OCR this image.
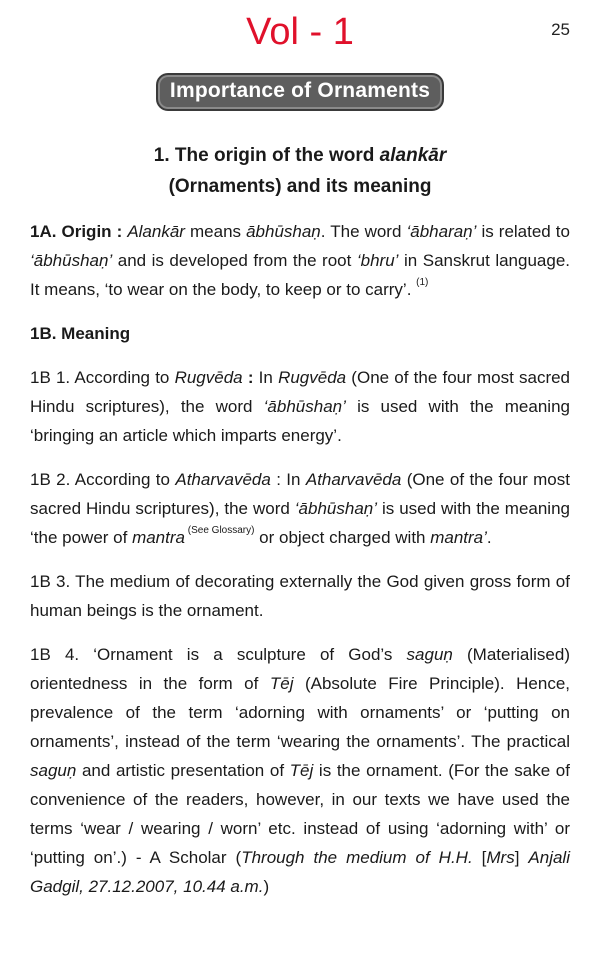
Vol - 1	25
Importance of Ornaments
1. The origin of the word alankār
(Ornaments) and its meaning

1A. Origin : Alankār means ābhūshaṇ. The word ‘ābharaṇ’ is related to ‘ābhūshaṇ’ and is developed from the root ‘bhru’ in Sanskrut language. It means, ‘to wear on the body, to keep or to carry’. $^{(1)}$

1B. Meaning

1B 1. According to Rugvēda : In Rugvēda (One of the four most sacred Hindu scriptures), the word ‘ābhūshaṇ’ is used with the meaning ‘bringing an article which imparts energy’.

1B 2. According to Atharvavēda : In Atharvavēda (One of the four most sacred Hindu scriptures), the word ‘ābhūshaṇ’ is used with the meaning ‘the power of mantra $^{(See Glossary)}$ or object charged with mantra’.

1B 3. The medium of decorating externally the God given gross form of human beings is the ornament.

1B 4. ‘Ornament is a sculpture of God’s saguṇ (Materialised) orientedness in the form of Tēj (Absolute Fire Principle). Hence, prevalence of the term ‘adorning with ornaments’ or ‘putting on ornaments’, instead of the term ‘wearing the ornaments’. The practical saguṇ and artistic presentation of Tēj is the ornament. (For the sake of convenience of the readers, however, in our texts we have used the terms ‘wear / wearing / worn’ etc. instead of using ‘adorning with’ or ‘putting on’.) - A Scholar (Through the medium of H.H. [Mrs] Anjali Gadgil, 27.12.2007, 10.44 a.m.)
